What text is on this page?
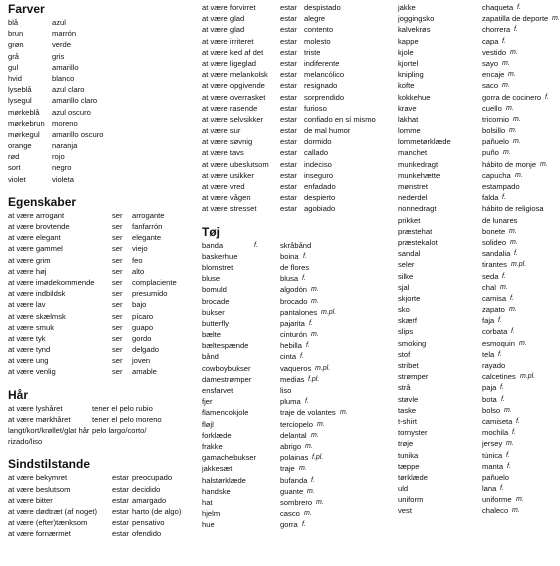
Farver
blå	azul
brun	marrón
grøn	verde
grå	gris
gul	amarillo
hvid	blanco
lyseblå	azul claro
lysegul	amarillo claro
mørkeblå azul oscuro
mørkebrun moreno
mørkegul amarillo oscuro
orange	naranja
rød	rojo
sort	negro
violet	violeta
Egenskaber
at være arrogant	ser arrogante
at være brovtende	ser fanfarrón
at være elegant	ser elegante
at være gammel	ser viejo
at være grim	ser feo
at være høj	ser alto
at være imødekommende ser complaciente
at være indbildsk	ser presumido
at være lav	ser bajo
at være skælmsk	ser pícaro
at være smuk	ser guapo
at være tyk	ser gordo
at være tynd	ser delgado
at være ung	ser joven
at være venlig	ser amable
Hår
at være lyshåret	tener el pelo rubio
at være mørkhåret	tener el pelo moreno
langt/kort/krøllet/glat hår pelo largo/corto/
rizado/liso
Sindstilstande
at være bekymret	estar preocupado
at være beslutsom	estar decidido
at være bitter	estar amargado
at være dødtræt (af noget) estar harto (de algo)
at være (efter)tænksom	estar pensativo
at være fornærmet	estar ofendido
at være forvirret	estar despistado
at være glad	estar alegre
at være glad	estar contento
at være irriteret	estar molesto
at være ked af det estar triste
at være ligeglad	estar indiferente
at være melankolsk estar melancólico
at være opgivende estar resignado
at være overrasket estar sorprendido
at være rasende	estar furioso
at være selvsikker estar confiado en sí mismo
at være sur	estar de mal humor
at være søvnig	estar dormido
at være tavs	estar callado
at være ubeslutsom estar indeciso
at være usikker	estar inseguro
at være vred	estar enfadado
at være vågen	estar despierto
at være stresset	estar agobiado
Tøj
banda	f.	skråbånd
baskerhue	boina f.
blomstret	de flores
bluse	blusa f.
bomuld	algodón m.
brocade	brocado m.
bukser	pantalones m.pl.
butterfly	pajarita f.
bælte	cinturón m.
bæltespænde	hebilla f.
bånd	cinta f.
cowboybukser	vaqueros m.pl.
damestrømper	medias f.pl.
ensfarvet	liso
fjer	pluma f.
flamencokjole	traje de volantes m.
fløjl	terciopelo m.
forklæde	delantal m.
frakke	abrigo m.
gamachebukser	polainas f.pl.
jakkesæt	traje m.
halstørklæde	bufanda f.
handske	guante m.
hat	sombrero m.
hjelm	casco m.
hue	gorra f.
jakke	chaqueta f.
joggingsko	zapatilla de deporte m.
kalvekrøs	chorrera f.
kappe	capa f.
kjole	vestido m.
kjortel	sayo m.
knipling	encaje m.
kofte	saco m.
kokkehue	gorra de cocinero f.
krave	cuello m.
lakhat	tricornio m.
lomme	bolsillo m.
lommetørklæde	pañuelo m.
manchet	puño m.
munkedragt	hábito de monje m.
munkehætte	capucha m.
mønstret	estampado
nederdel	falda f.
nonnedragt	hábito de religiosa
prikket	de lunares
præstehat	bonete m.
præstekalot	solideo m.
sandal	sandalia f.
seler	tirantes m.pl.
silke	seda f.
sjal	chal m.
skjorte	camisa f.
sko	zapato m.
skærf	faja f.
slips	corbata f.
smoking	esmoquin m.
stof	tela f.
stribet	rayado
strømper	calcetines m.pl.
strå	paja f.
støvle	bota f.
taske	bolso m.
t-shirt	camiseta f.
tornyster	mochila f.
trøje	jersey m.
tunika	túnica f.
tæppe	manta f.
tørklæde	pañuelo
uld	lana f.
uniform	uniforme m.
vest	chaleco m.
